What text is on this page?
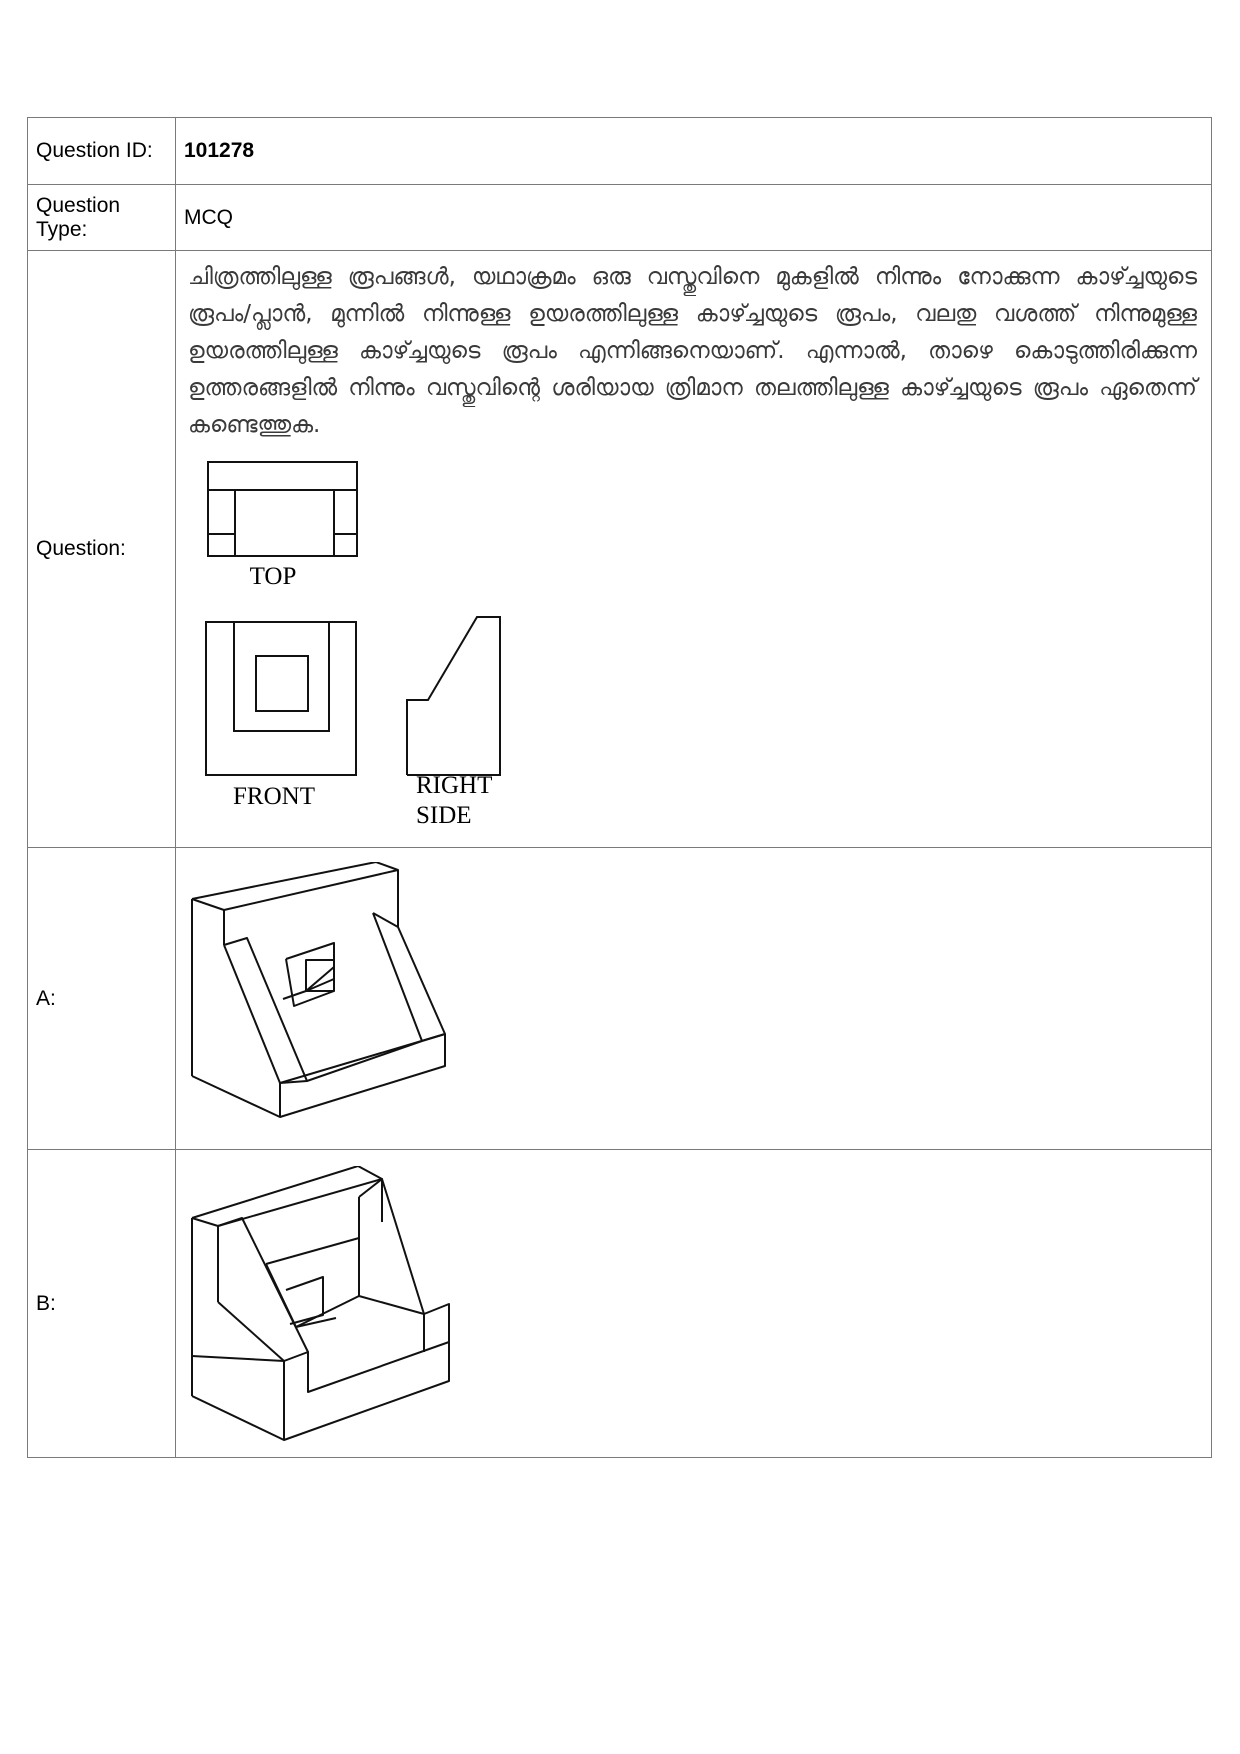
Question ID:	101278
Question Type:	MCQ
Question:	ചിത്രത്തിലുള്ള രൂപങ്ങൾ, യഥാക്രമം ഒരു വസ്തുവിനെ മുകളിൽ നിന്നും നോക്കുന്ന കാഴ്ച്ചയുടെ രൂപം/പ്ലാൻ, മുന്നിൽ നിന്നുള്ള ഉയരത്തിലുള്ള കാഴ്ച്ചയുടെ രൂപം, വലതു വശത്ത് നിന്നുമുള്ള ഉയരത്തിലുള്ള കാഴ്ച്ചയുടെ രൂപം എന്നിങ്ങനെയാണ്. എന്നാൽ, താഴെ കൊടുത്തിരിക്കുന്ന ഉത്തരങ്ങളിൽ നിന്നും വസ്തുവിന്റെ ശരിയായ ത്രിമാന തലത്തിലുള്ള കാഴ്ച്ചയുടെ രൂപം ഏതെന്ന് കണ്ടെത്തുക.
TOP
FRONT RIGHT
SIDE

A:	

B:	
